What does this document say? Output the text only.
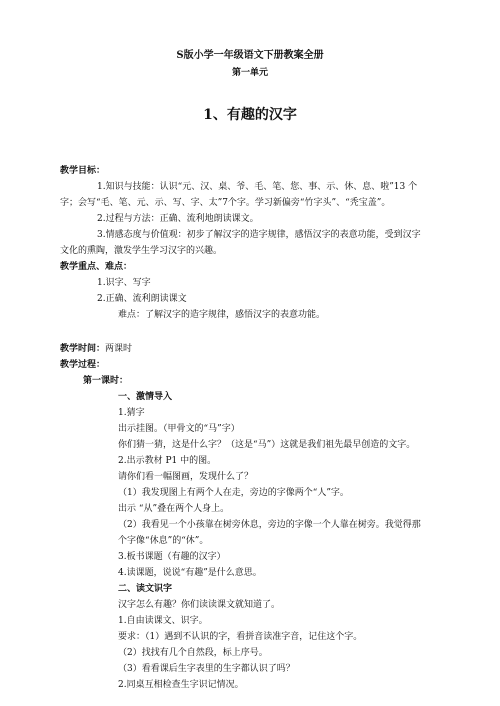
S版小学一年级语文下册教案全册
第一单元
1、有趣的汉字
教学目标：
1.知识与技能：认识“元、汉、桌、爷、毛、笔、您、事、示、休、息、啦”13 个
字；会写“毛、笔、元、示、写、字、太”7个字。学习新偏旁“竹字头”、“秃宝盖”。
2.过程与方法：正确、流利地朗读课文。
3.情感态度与价值观：初步了解汉字的造字规律，感悟汉字的表意功能，受到汉字
文化的熏陶，激发学生学习汉字的兴趣。
教学重点、难点：
1.识字、写字
2.正确、流利朗读课文
难点：了解汉字的造字规律，感悟汉字的表意功能。
教学时间：两课时
教学过程：
第一课时：
一、激情导入
1.猜字
出示挂图。（甲骨文的“马”字）
你们猜一猜，这是什么字？（这是“马”）这就是我们祖先最早创造的文字。
2.出示教材 P1 中的图。
请你们看一幅图画，发现什么了？
（1）我发现图上有两个人在走，旁边的字像两个“人”字。
出示 “从”叠在两个人身上。
（2）我看见一个小孩靠在树旁休息，旁边的字像一个人靠在树旁。我觉得那
个字像“休息”的“休”。
3.板书课题（有趣的汉字）
4.读课题，说说“有趣”是什么意思。
二、读文识字
汉字怎么有趣？你们读读课文就知道了。
1.自由读课文、识字。
要求：（1）遇到不认识的字，看拼音读准字音，记住这个字。
（2）找找有几个自然段，标上序号。
（3）看看课后生字表里的生字都认识了吗？
2.同桌互相检查生字识记情况。
